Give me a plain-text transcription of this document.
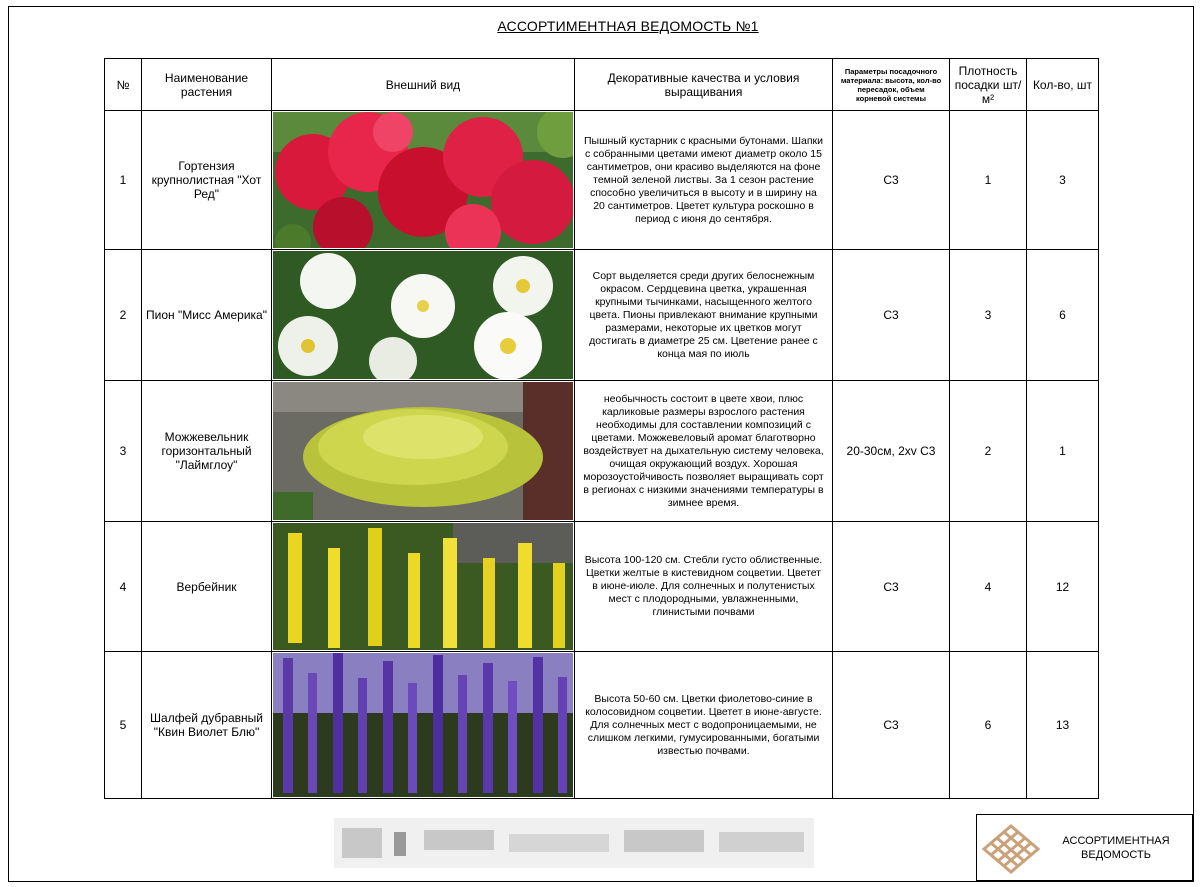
АССОРТИМЕНТНАЯ ВЕДОМОСТЬ №1
№	Наименование растения	Внешний вид	Декоративные качества и условия выращивания	Параметры посадочного материала: высота, кол-во пересадок, объем корневой системы	Плотность посадки шт/м²	Кол-во, шт
1	Гортензия крупнолистная "Хот Ред"		Пышный кустарник с красными бутонами. Шапки с собранными цветами имеют диаметр около 15 сантиметров, они красиво выделяются на фоне темной зеленой листвы. За 1 сезон растение способно увеличиться в высоту и в ширину на 20 сантиметров. Цветет культура роскошно в период с июня до сентября.	С3	1	3
2	Пион "Мисс Америка"		Сорт выделяется среди других белоснежным окрасом. Сердцевина цветка, украшенная крупными тычинками, насыщенного желтого цвета. Пионы привлекают внимание крупными размерами, некоторые их цветков могут достигать в диаметре 25 см. Цветение ранее с конца мая по июль	С3	3	6
3	Можжевельник горизонтальный "Лаймглоу"		необычность состоит в цвете хвои, плюс карликовые размеры взрослого растения необходимы для составлении композиций с цветами. Можжевеловый аромат благотворно воздействует на дыхательную систему человека, очищая окружающий воздух. Хорошая морозоустойчивость позволяет выращивать сорт в регионах с низкими значениями температуры в зимнее время.	20-30см, 2xv С3	2	1
4	Вербейник		Высота 100-120 см. Стебли густо облиственные. Цветки желтые в кистевидном соцветии. Цветет в июне-июле. Для солнечных и полутенистых мест с плодородными, увлажненными, глинистыми почвами	С3	4	12
5	Шалфей дубравный "Квин Виолет Блю"		Высота 50-60 см. Цветки фиолетово-синие в колосовидном соцветии. Цветет в июне-августе. Для солнечных мест с водопроницаемыми, не слишком легкими, гумусированными, богатыми известью почвами.	С3	6	13
АССОРТИМЕНТНАЯ ВЕДОМОСТЬ
